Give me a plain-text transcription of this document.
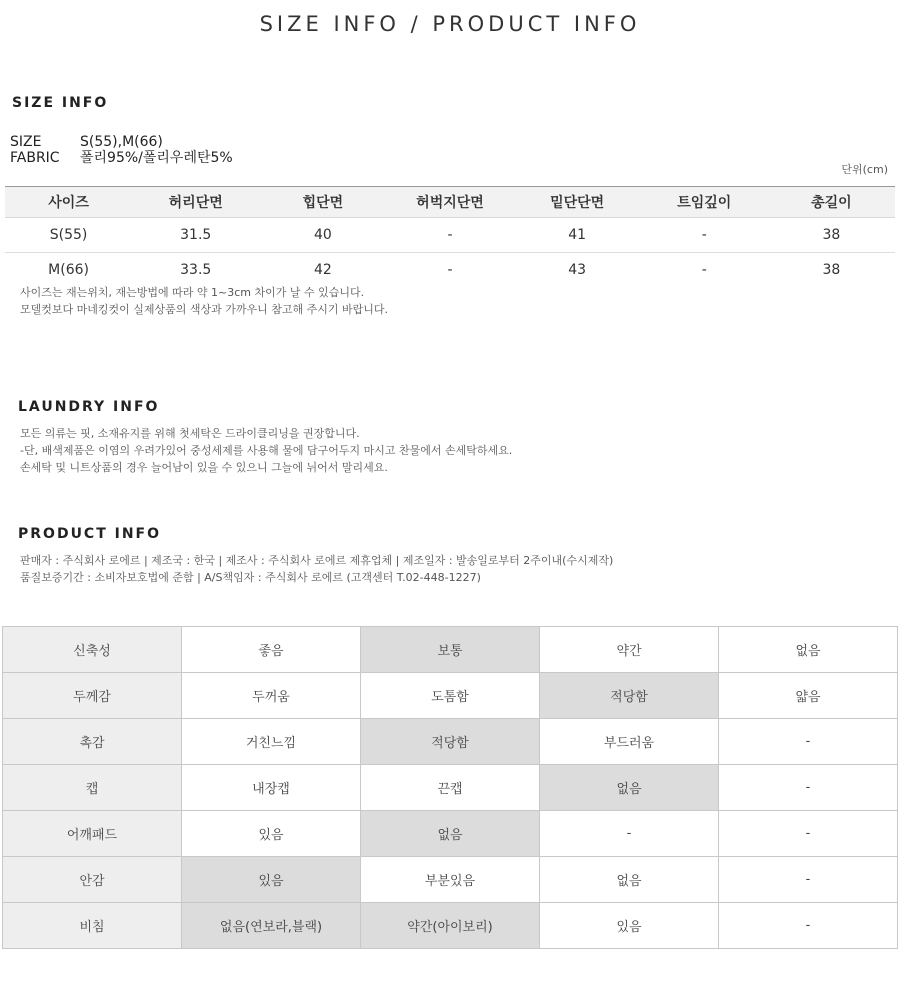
SIZE INFO / PRODUCT INFO
SIZE INFO
SIZE	S(55),M(66)
FABRIC 폴리95%/폴리우레탄5%
단위(cm)
사이즈	허리단면	힙단면	허벅지단면	밑단단면	트임깊이	총길이
S(55)	31.5	40	-	41	-	38
M(66)	33.5	42	-	43	-	38
사이즈는 재는위치, 재는방법에 따라 약 1~3cm 차이가 날 수 있습니다.
모델컷보다 마네킹컷이 실제상품의 색상과 가까우니 참고해 주시기 바랍니다.
LAUNDRY INFO
모든 의류는 핏, 소재유지를 위해 첫세탁은 드라이클리닝을 권장합니다.
-단, 배색제품은 이염의 우려가있어 중성세제를 사용해 물에 담구어두지 마시고 찬물에서 손세탁하세요.
손세탁 및 니트상품의 경우 늘어남이 있을 수 있으니 그늘에 뉘어서 말리세요.
PRODUCT INFO
판매자 : 주식회사 로에르 | 제조국 : 한국 | 제조사 : 주식회사 로에르 제휴업체 | 제조일자 : 발송일로부터 2주이내(수시제작)
품질보증기간 : 소비자보호법에 준함 | A/S책임자 : 주식회사 로에르 (고객센터 T.02-448-1227)
신축성	좋음	보통	약간	없음
두께감	두꺼움	도톰함	적당함	얇음
촉감	거친느낌	적당함	부드러움	-
캡	내장캡	끈캡	없음	-
어깨패드	있음	없음	-	-
안감	있음	부분있음	없음	-
비침	없음(연보라,블랙)	약간(아이보리)	있음	-
